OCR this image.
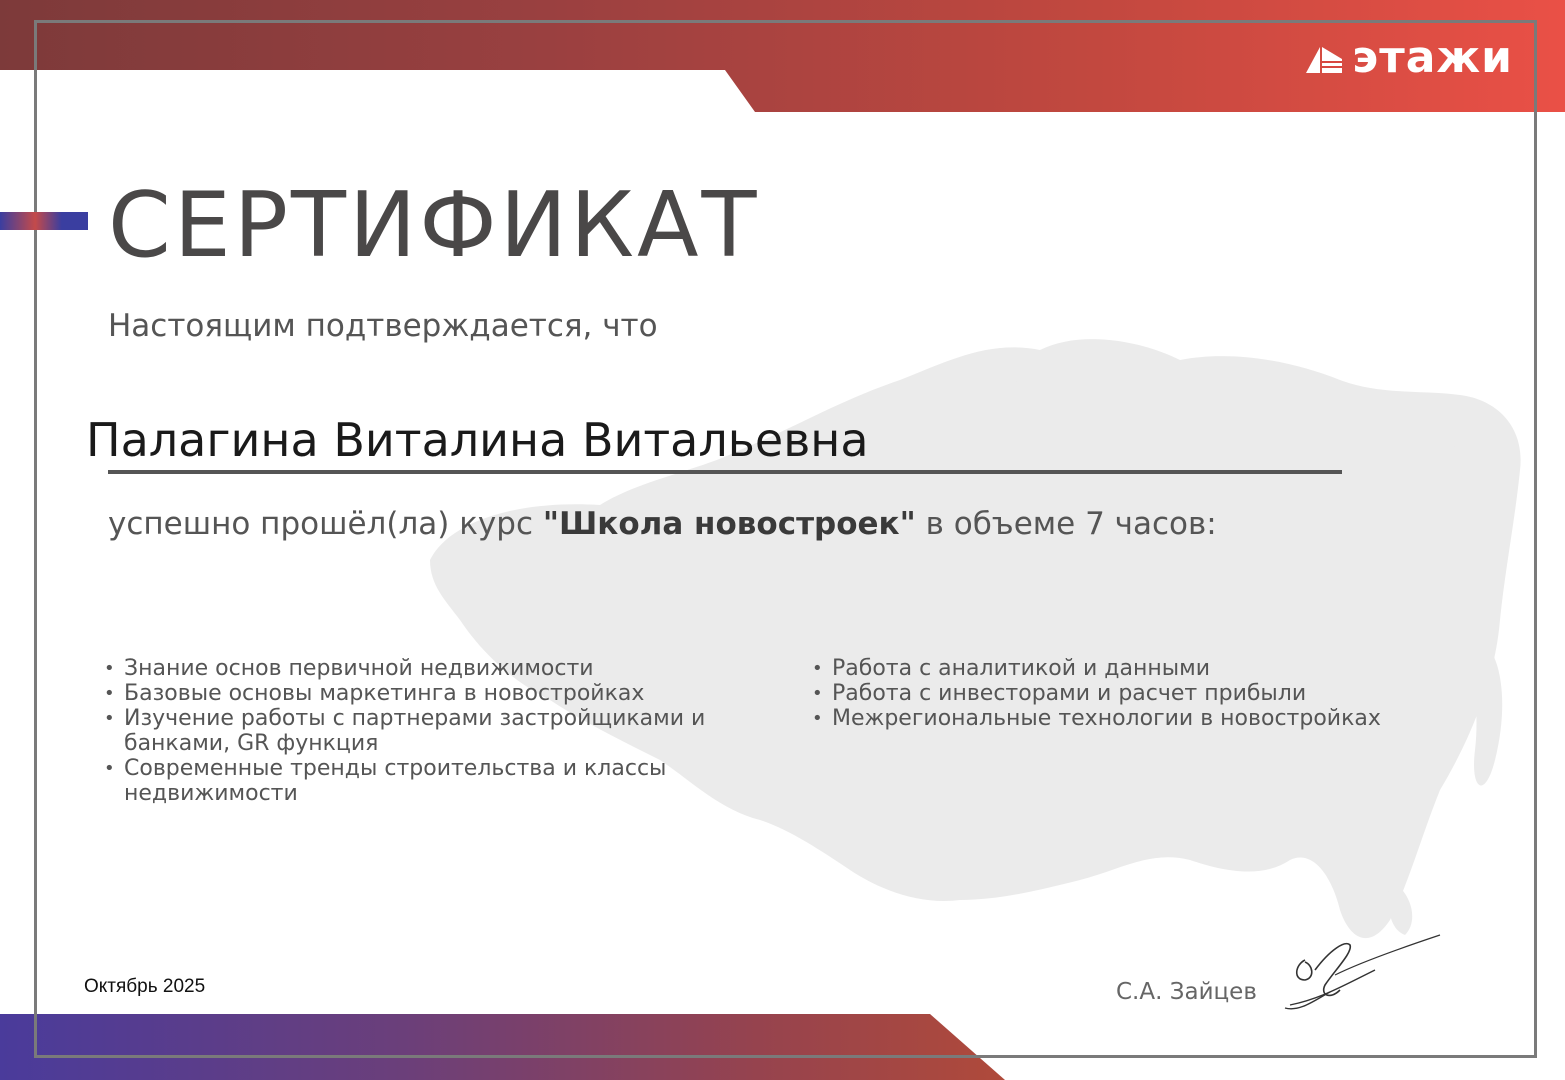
этажи
СЕРТИФИКАТ
Настоящим подтверждается, что
Палагина Виталина Витальевна
успешно прошёл(ла) курс "Школа новостроек" в объеме 7 часов:
• Знание основ первичной недвижимости
• Базовые основы маркетинга в новостройках
• Изучение работы с партнерами застройщиками и банками, GR функция
• Современные тренды строительства и классы недвижимости
• Работа с аналитикой и данными
• Работа с инвесторами и расчет прибыли
• Межрегиональные технологии в новостройках
Октябрь 2025	С.А. Зайцев
